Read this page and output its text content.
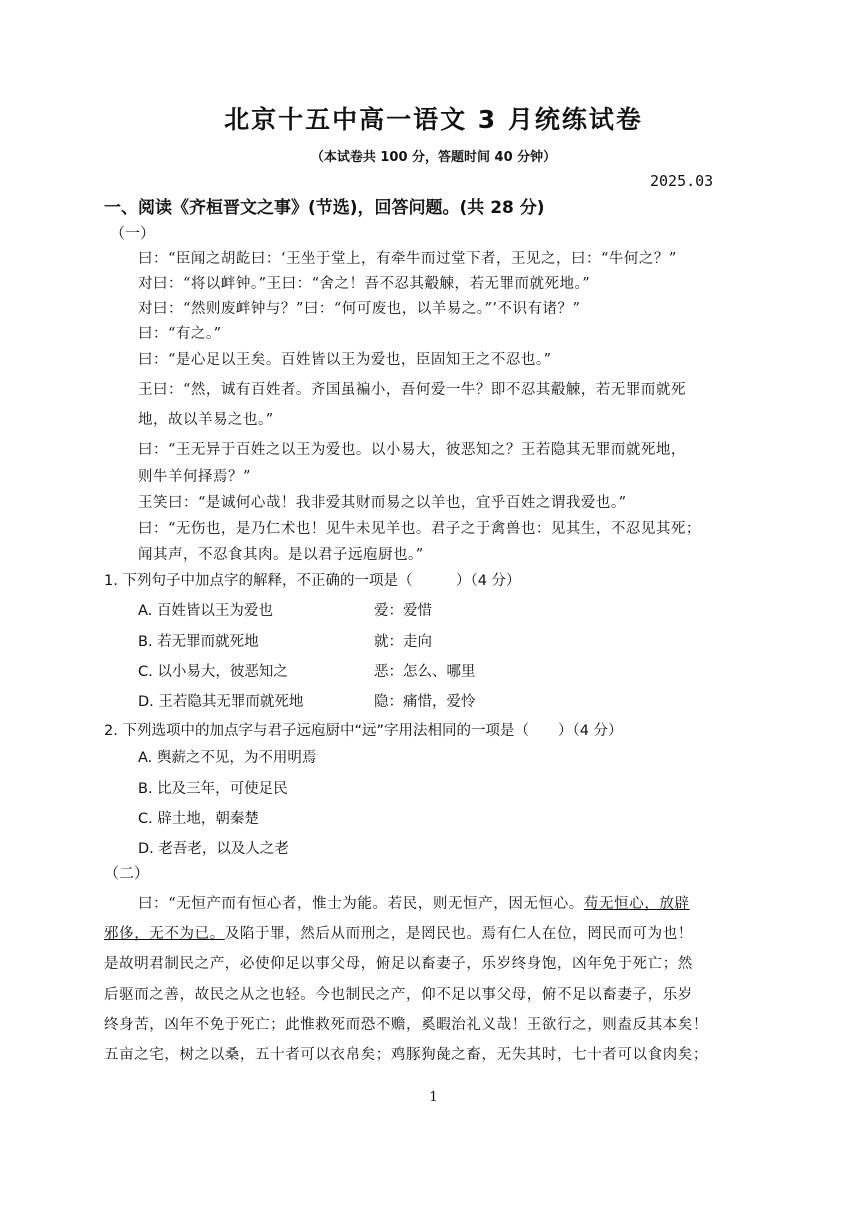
北京十五中高一语文 3 月统练试卷
（本试卷共 100 分，答题时间 40 分钟）
2025.03
一、阅读《齐桓晋文之事》(节选)，回答问题。(共 28 分)
（一）
曰：“臣闻之胡龁曰：‘王坐于堂上，有牵牛而过堂下者，王见之，曰：“牛何之？”
对曰：“将以衅钟。”王曰：“舍之！吾不忍其觳觫，若无罪而就死地。”
对曰：“然则废衅钟与？”曰：“何可废也，以羊易之。”’不识有诸？”
曰：“有之。”
曰：“是心足以王矣。百姓皆以王为爱也，臣固知王之不忍也。”
王曰：“然，诚有百姓者。齐国虽褊小，吾何爱一牛？即不忍其觳觫，若无罪而就死
地，故以羊易之也。”
曰：“王无异于百姓之以王为爱也。以小易大，彼恶知之？王若隐其无罪而就死地，
则牛羊何择焉？”
王笑曰：“是诚何心哉！我非爱其财而易之以羊也，宜乎百姓之谓我爱也。”
曰：“无伤也，是乃仁术也！见牛未见羊也。君子之于禽兽也：见其生，不忍见其死；
闻其声，不忍食其肉。是以君子远庖厨也。”
1. 下列句子中加点字的解释，不正确的一项是（　　　）（4 分）
A. 百姓皆以王为爱也	爱：爱惜
B. 若无罪而就死地	就：走向
C. 以小易大，彼恶知之	恶：怎么、哪里
D. 王若隐其无罪而就死地	隐：痛惜，爱怜
2. 下列选项中的加点字与君子远庖厨中“远”字用法相同的一项是（　　）（4 分）
A. 舆薪之不见，为不用明焉
B. 比及三年，可使足民
C. 辟土地，朝秦楚
D. 老吾老，以及人之老
（二）
曰：“无恒产而有恒心者，惟士为能。若民，则无恒产，因无恒心。苟无恒心，放辟
邪侈，无不为已。及陷于罪，然后从而刑之，是罔民也。焉有仁人在位，罔民而可为也！
是故明君制民之产，必使仰足以事父母，俯足以畜妻子，乐岁终身饱，凶年免于死亡；然
后驱而之善，故民之从之也轻。今也制民之产，仰不足以事父母，俯不足以畜妻子，乐岁
终身苦，凶年不免于死亡；此惟救死而恐不赡，奚暇治礼义哉！王欲行之，则盍反其本矣！
五亩之宅，树之以桑，五十者可以衣帛矣；鸡豚狗彘之畜，无失其时，七十者可以食肉矣；
1
